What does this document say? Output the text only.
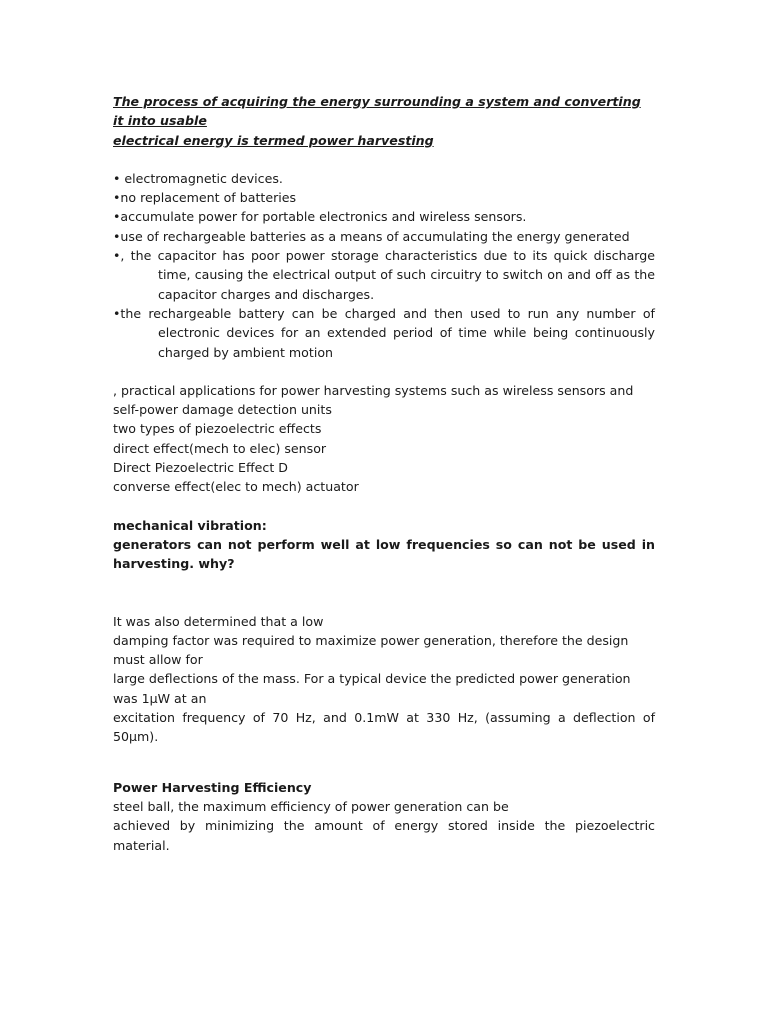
The process of acquiring the energy surrounding a system and converting it into usable

electrical energy is termed power harvesting

• electromagnetic devices.

•no replacement of batteries

•accumulate power for portable electronics and wireless sensors.

•use of rechargeable batteries as a means of accumulating the energy generated

•, the capacitor has poor power storage characteristics due to its quick discharge time, causing the electrical output of such circuitry to switch on and off as the capacitor charges and discharges.

•the rechargeable battery can be charged and then used to run any number of electronic devices for an extended period of time while being continuously charged by ambient motion

, practical applications for power harvesting systems such as wireless sensors and

self-power damage detection units

two types of piezoelectric effects

direct effect(mech to elec) sensor

Direct Piezoelectric Effect D

converse effect(elec to mech) actuator

mechanical vibration:

generators can not perform well at low frequencies so can not be used in harvesting. why?

It was also determined that a low

damping factor was required to maximize power generation, therefore the design must allow for

large deflections of the mass. For a typical device the predicted power generation was 1μW at an

excitation frequency of 70 Hz, and 0.1mW at 330 Hz, (assuming a deflection of 50μm).

Power Harvesting Efficiency

steel ball, the maximum efficiency of power generation can be

achieved by minimizing the amount of energy stored inside the piezoelectric material.
